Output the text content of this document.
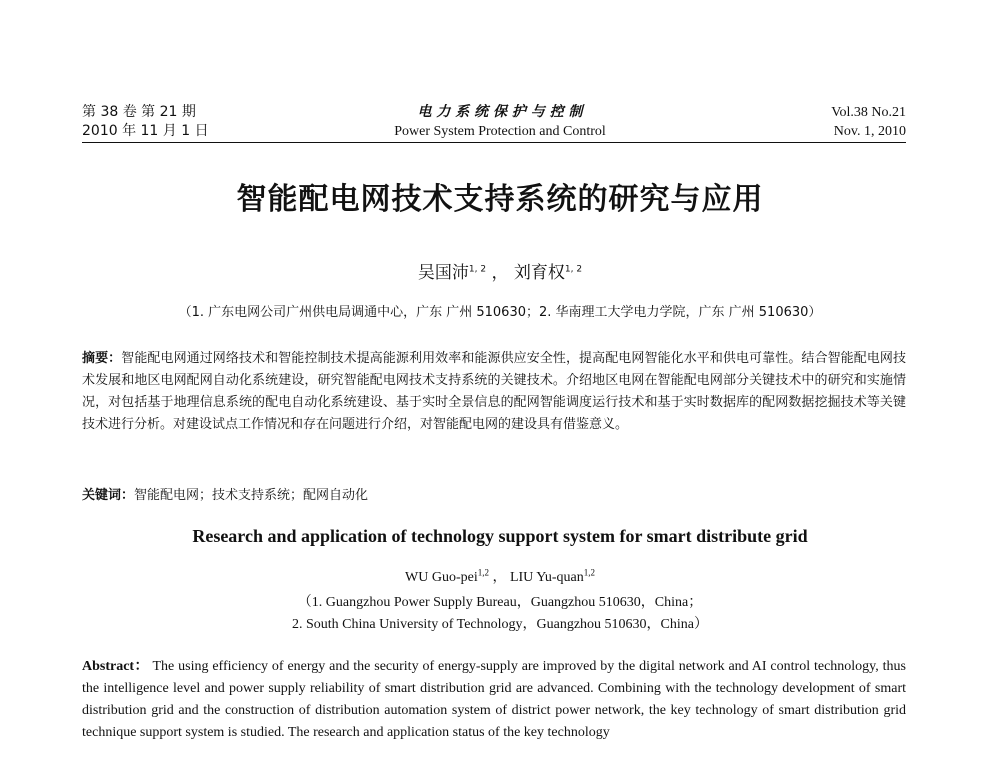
第 38 卷 第 21 期
2010 年 11 月 1 日
电 力 系 统 保 护 与 控 制
Power System Protection and Control
Vol.38 No.21
Nov. 1, 2010
智能配电网技术支持系统的研究与应用
吴国沛$^{1, 2}$ ， 刘育权$^{1, 2}$
（1. 广东电网公司广州供电局调通中心，广东 广州 510630；2. 华南理工大学电力学院，广东 广州 510630）
摘要：智能配电网通过网络技术和智能控制技术提高能源利用效率和能源供应安全性，提高配电网智能化水平和供电可靠性。结合智能配电网技术发展和地区电网配网自动化系统建设，研究智能配电网技术支持系统的关键技术。介绍地区电网在智能配电网部分关键技术中的研究和实施情况，对包括基于地理信息系统的配电自动化系统建设、基于实时全景信息的配网智能调度运行技术和基于实时数据库的配网数据挖掘技术等关键技术进行分析。对建设试点工作情况和存在问题进行介绍，对智能配电网的建设具有借鉴意义。
关键词：智能配电网；技术支持系统；配网自动化
Research and application of technology support system for smart distribute grid
WU Guo-pei$^{1,2}$ ， LIU Yu-quan$^{1,2}$
（1. Guangzhou Power Supply Bureau，Guangzhou 510630，China；
2. South China University of Technology，Guangzhou 510630，China）
Abstract： The using efficiency of energy and the security of energy-supply are improved by the digital network and AI control technology, thus the intelligence level and power supply reliability of smart distribution grid are advanced. Combining with the technology development of smart distribution grid and the construction of distribution automation system of district power network, the key technology of smart distribution grid technique support system is studied. The research and application status of the key technology
